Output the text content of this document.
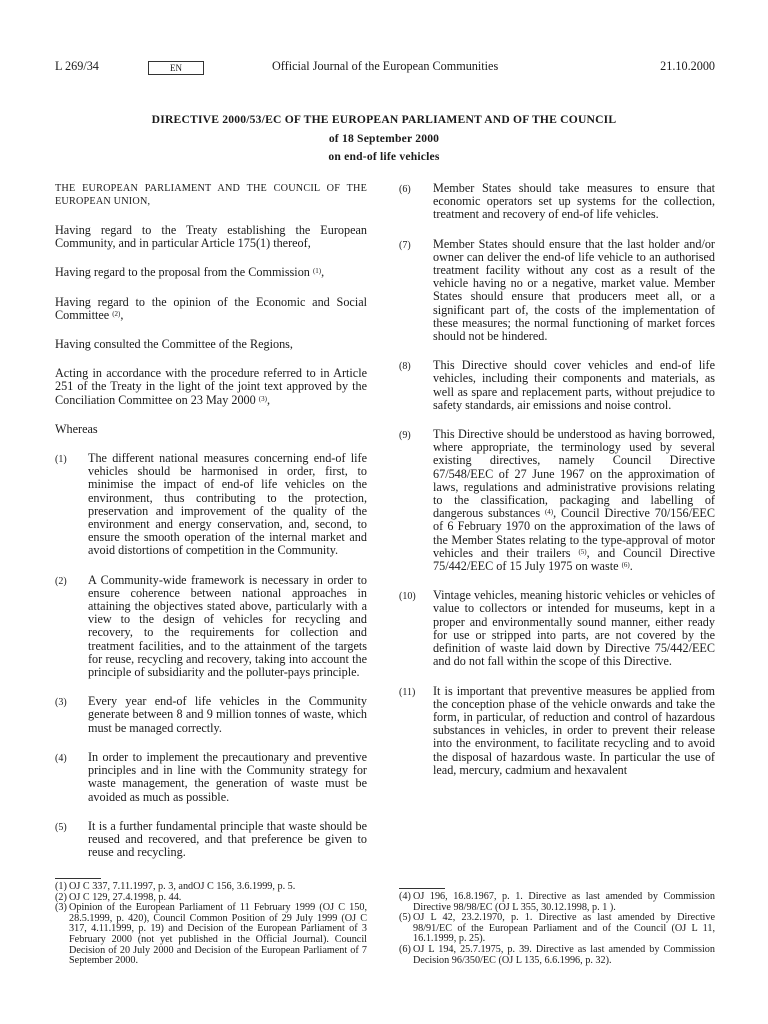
L 269/34	EN	Official Journal of the European Communities	21.10.2000
DIRECTIVE 2000/53/EC OF THE EUROPEAN PARLIAMENT AND OF THE COUNCIL
of 18 September 2000
on end-of life vehicles

THE EUROPEAN PARLIAMENT AND THE COUNCIL OF THE EUROPEAN UNION,

Having regard to the Treaty establishing the European Community, and in particular Article 175(1) thereof,

Having regard to the proposal from the Commission $^{(1)}$,

Having regard to the opinion of the Economic and Social Committee $^{(2)}$,

Having consulted the Committee of the Regions,

Acting in accordance with the procedure referred to in Article 251 of the Treaty in the light of the joint text approved by the Conciliation Committee on 23 May 2000 $^{(3)}$,

Whereas

(1) The different national measures concerning end-of life vehicles should be harmonised in order, first, to minimise the impact of end-of life vehicles on the environment, thus contributing to the protection, preservation and improvement of the quality of the environment and energy conservation, and, second, to ensure the smooth operation of the internal market and avoid distortions of competition in the Community.

(2) A Community-wide framework is necessary in order to ensure coherence between national approaches in attaining the objectives stated above, particularly with a view to the design of vehicles for recycling and recovery, to the requirements for collection and treatment facilities, and to the attainment of the targets for reuse, recycling and recovery, taking into account the principle of subsidiarity and the polluter-pays principle.

(3) Every year end-of life vehicles in the Community generate between 8 and 9 million tonnes of waste, which must be managed correctly.

(4) In order to implement the precautionary and preventive principles and in line with the Community strategy for waste management, the generation of waste must be avoided as much as possible.

(5) It is a further fundamental principle that waste should be reused and recovered, and that preference be given to reuse and recycling.

(6) Member States should take measures to ensure that economic operators set up systems for the collection, treatment and recovery of end-of life vehicles.

(7) Member States should ensure that the last holder and/or owner can deliver the end-of life vehicle to an authorised treatment facility without any cost as a result of the vehicle having no or a negative, market value. Member States should ensure that producers meet all, or a significant part of, the costs of the implementation of these measures; the normal functioning of market forces should not be hindered.

(8) This Directive should cover vehicles and end-of life vehicles, including their components and materials, as well as spare and replacement parts, without prejudice to safety standards, air emissions and noise control.

(9) This Directive should be understood as having borrowed, where appropriate, the terminology used by several existing directives, namely Council Directive 67/548/EEC of 27 June 1967 on the approximation of laws, regulations and administrative provisions relating to the classification, packaging and labelling of dangerous substances $^{(4)}$, Council Directive 70/156/EEC of 6 February 1970 on the approximation of the laws of the Member States relating to the type-approval of motor vehicles and their trailers $^{(5)}$, and Council Directive 75/442/EEC of 15 July 1975 on waste $^{(6)}$.

(10) Vintage vehicles, meaning historic vehicles or vehicles of value to collectors or intended for museums, kept in a proper and environmentally sound manner, either ready for use or stripped into parts, are not covered by the definition of waste laid down by Directive 75/442/EEC and do not fall within the scope of this Directive.

(11) It is important that preventive measures be applied from the conception phase of the vehicle onwards and take the form, in particular, of reduction and control of hazardous substances in vehicles, in order to prevent their release into the environment, to facilitate recycling and to avoid the disposal of hazardous waste. In particular the use of lead, mercury, cadmium and hexavalent

(1) OJ C 337, 7.11.1997, p. 3, andOJ C 156, 3.6.1999, p. 5.
(2) OJ C 129, 27.4.1998, p. 44.
(3) Opinion of the European Parliament of 11 February 1999 (OJ C 150, 28.5.1999, p. 420), Council Common Position of 29 July 1999 (OJ C 317, 4.11.1999, p. 19) and Decision of the European Parliament of 3 February 2000 (not yet published in the Official Journal). Council Decision of 20 July 2000 and Decision of the European Parliament of 7 September 2000.
(4) OJ 196, 16.8.1967, p. 1. Directive as last amended by Commission Directive 98/98/EC (OJ L 355, 30.12.1998, p. 1 ).
(5) OJ L 42, 23.2.1970, p. 1. Directive as last amended by Directive 98/91/EC of the European Parliament and of the Council (OJ L 11, 16.1.1999, p. 25).
(6) OJ L 194, 25.7.1975, p. 39. Directive as last amended by Commission Decision 96/350/EC (OJ L 135, 6.6.1996, p. 32).
